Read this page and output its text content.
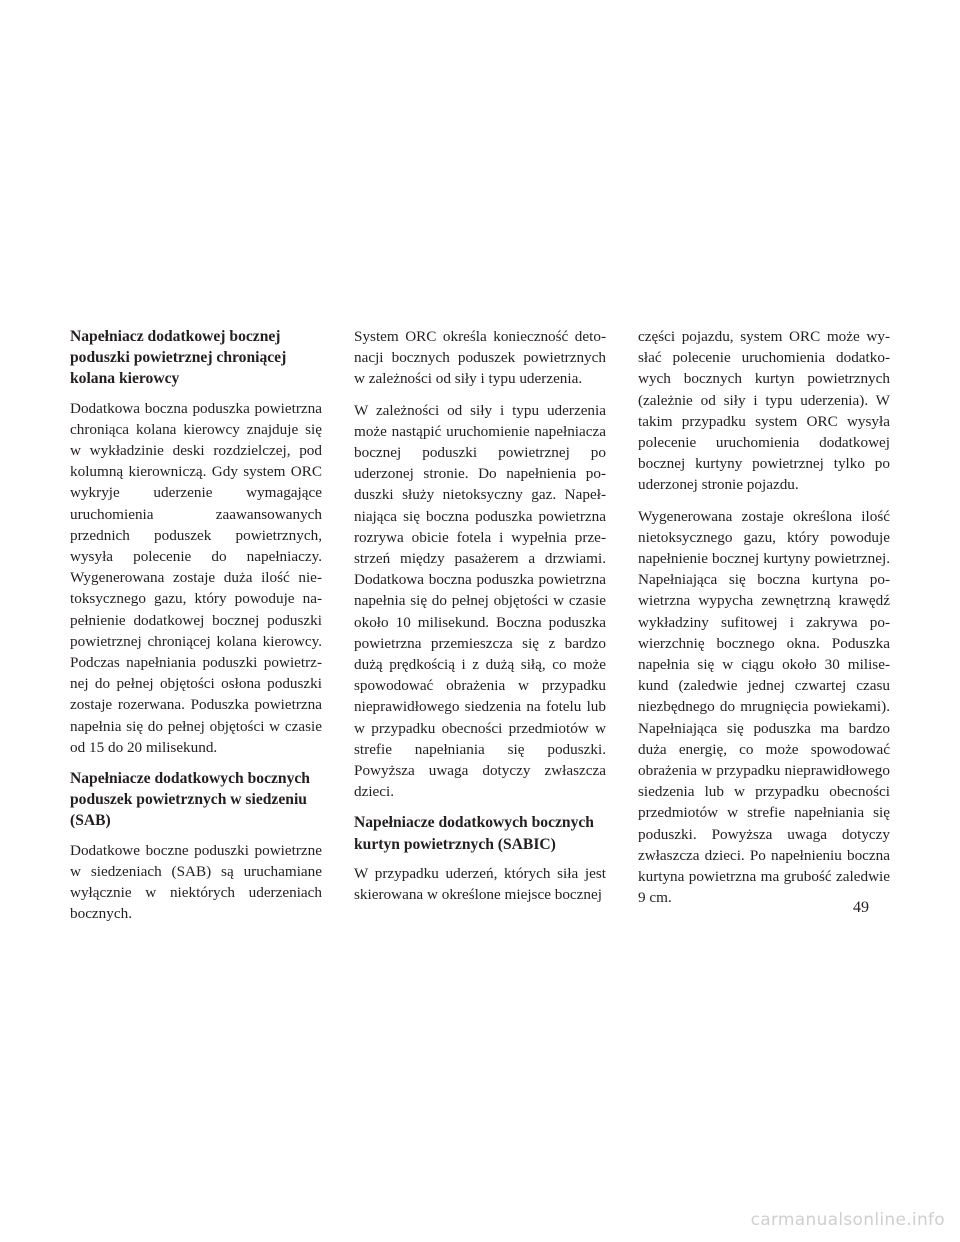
Napełniacz dodatkowej bocznej poduszki powietrznej chroniącej kolana kierowcy

Dodatkowa boczna poduszka powietrzna chroniąca kolana kierowcy znajduje się w wykładzinie deski rozdzielczej, pod kolumną kierowniczą. Gdy system ORC wykryje uderzenie wymagające uruchomienia zaawansowanych przednich poduszek powietrznych, wysyła polecenie do napełniaczy. Wygenerowana zostaje duża ilość nietoksycznego gazu, który powoduje napełnienie dodatkowej bocznej poduszki powietrznej chroniącej kolana kierowcy. Podczas napełniania poduszki powietrznej do pełnej objętości osłona poduszki zostaje rozerwana. Poduszka powietrzna napełnia się do pełnej objętości w czasie od 15 do 20 milisekund.

Napełniacze dodatkowych bocznych poduszek powietrznych w siedzeniu (SAB)

Dodatkowe boczne poduszki powietrzne w siedzeniach (SAB) są uruchamiane wyłącznie w niektórych uderzeniach bocznych.

System ORC określa konieczność detonacji bocznych poduszek powietrznych w zależności od siły i typu uderzenia.

W zależności od siły i typu uderzenia może nastąpić uruchomienie napełniacza bocznej poduszki powietrznej po uderzonej stronie. Do napełnienia poduszki służy nietoksyczny gaz. Napełniająca się boczna poduszka powietrzna rozrywa obicie fotela i wypełnia przestrzeń między pasażerem a drzwiami. Dodatkowa boczna poduszka powietrzna napełnia się do pełnej objętości w czasie około 10 milisekund. Boczna poduszka powietrzna przemieszcza się z bardzo dużą prędkością i z dużą siłą, co może spowodować obrażenia w przypadku nieprawidłowego siedzenia na fotelu lub w przypadku obecności przedmiotów w strefie napełniania się poduszki. Powyższa uwaga dotyczy zwłaszcza dzieci.

Napełniacze dodatkowych bocznych kurtyn powietrznych (SABIC)

W przypadku uderzeń, których siła jest skierowana w określone miejsce bocznej

części pojazdu, system ORC może wysłać polecenie uruchomienia dodatkowych bocznych kurtyn powietrznych (zależnie od siły i typu uderzenia). W takim przypadku system ORC wysyła polecenie uruchomienia dodatkowej bocznej kurtyny powietrznej tylko po uderzonej stronie pojazdu.

Wygenerowana zostaje określona ilość nietoksycznego gazu, który powoduje napełnienie bocznej kurtyny powietrznej. Napełniająca się boczna kurtyna powietrzna wypycha zewnętrzną krawędź wykładziny sufitowej i zakrywa powierzchnię bocznego okna. Poduszka napełnia się w ciągu około 30 milisekund (zaledwie jednej czwartej czasu niezbędnego do mrugnięcia powiekami). Napełniająca się poduszka ma bardzo duża energię, co może spowodować obrażenia w przypadku nieprawidłowego siedzenia lub w przypadku obecności przedmiotów w strefie napełniania się poduszki. Powyższa uwaga dotyczy zwłaszcza dzieci. Po napełnieniu boczna kurtyna powietrzna ma grubość zaledwie 9 cm.

49
carmanualsonline.info
